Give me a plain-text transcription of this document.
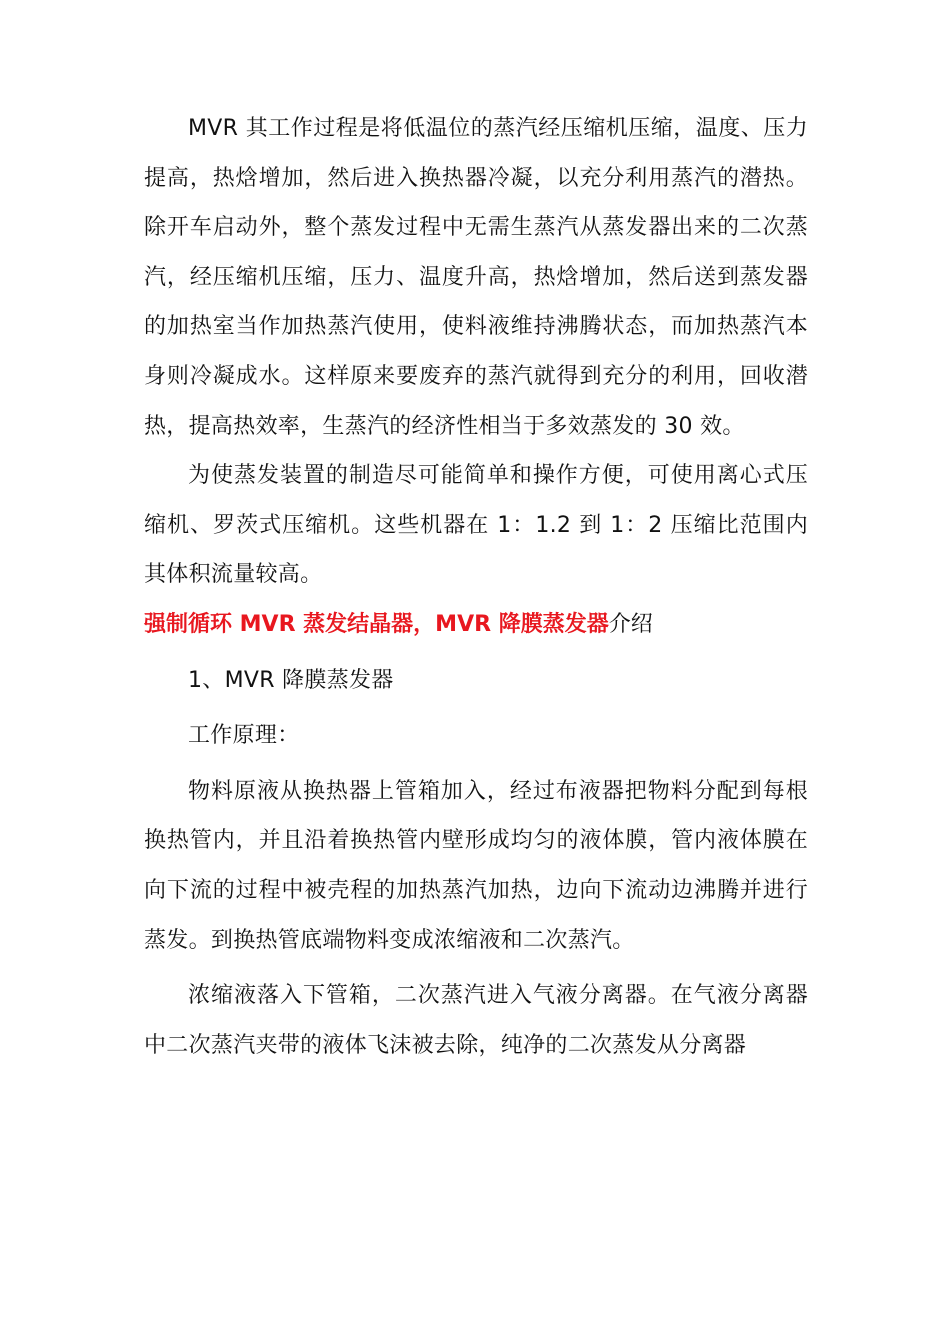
MVR 其工作过程是将低温位的蒸汽经压缩机压缩，温度、压力提高，热焓增加，然后进入换热器冷凝，以充分利用蒸汽的潜热。除开车启动外，整个蒸发过程中无需生蒸汽从蒸发器出来的二次蒸汽，经压缩机压缩，压力、温度升高，热焓增加，然后送到蒸发器的加热室当作加热蒸汽使用，使料液维持沸腾状态，而加热蒸汽本身则冷凝成水。这样原来要废弃的蒸汽就得到充分的利用，回收潜热，提高热效率，生蒸汽的经济性相当于多效蒸发的 30 效。

为使蒸发装置的制造尽可能简单和操作方便，可使用离心式压缩机、罗茨式压缩机。这些机器在 1：1.2 到 1：2 压缩比范围内其体积流量较高。

强制循环 MVR 蒸发结晶器，MVR 降膜蒸发器介绍

1、MVR 降膜蒸发器

工作原理：

物料原液从换热器上管箱加入，经过布液器把物料分配到每根换热管内，并且沿着换热管内壁形成均匀的液体膜，管内液体膜在向下流的过程中被壳程的加热蒸汽加热，边向下流动边沸腾并进行蒸发。到换热管底端物料变成浓缩液和二次蒸汽。

浓缩液落入下管箱，二次蒸汽进入气液分离器。在气液分离器中二次蒸汽夹带的液体飞沫被去除，纯净的二次蒸发从分离器
